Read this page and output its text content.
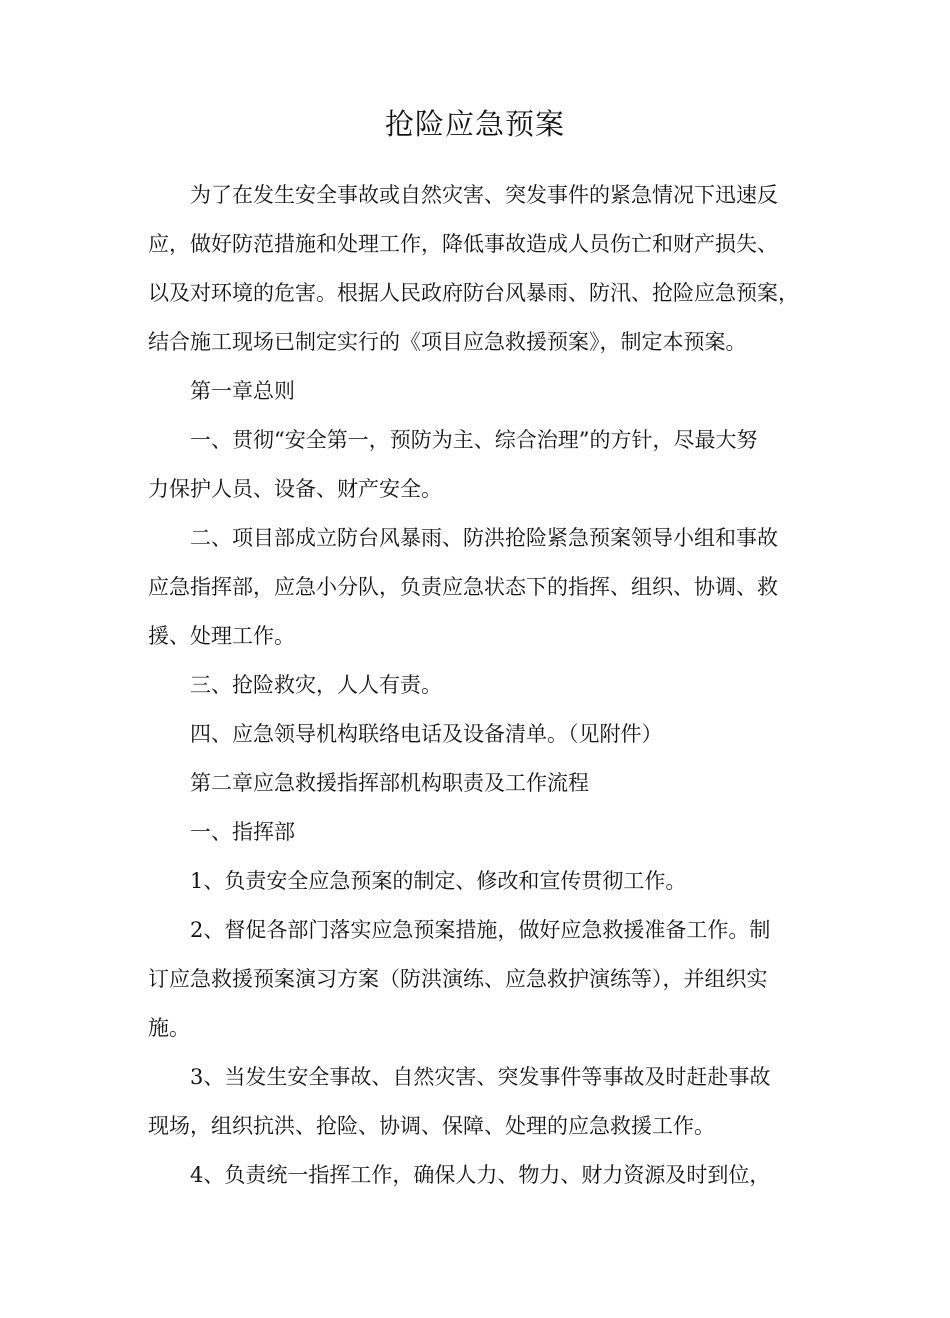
抢险应急预案
为了在发生安全事故或自然灾害、突发事件的紧急情况下迅速反
应，做好防范措施和处理工作，降低事故造成人员伤亡和财产损失、
以及对环境的危害。根据人民政府防台风暴雨、防汛、抢险应急预案，
结合施工现场已制定实行的《项目应急救援预案》，制定本预案。
第一章总则
一、贯彻“安全第一，预防为主、综合治理”的方针，尽最大努
力保护人员、设备、财产安全。
二、项目部成立防台风暴雨、防洪抢险紧急预案领导小组和事故
应急指挥部，应急小分队，负责应急状态下的指挥、组织、协调、救
援、处理工作。
三、抢险救灾，人人有责。
四、应急领导机构联络电话及设备清单。（见附件）
第二章应急救援指挥部机构职责及工作流程
一、指挥部
1、负责安全应急预案的制定、修改和宣传贯彻工作。
2、督促各部门落实应急预案措施，做好应急救援准备工作。制
订应急救援预案演习方案（防洪演练、应急救护演练等），并组织实
施。
3、当发生安全事故、自然灾害、突发事件等事故及时赶赴事故
现场，组织抗洪、抢险、协调、保障、处理的应急救援工作。
4、负责统一指挥工作，确保人力、物力、财力资源及时到位，
